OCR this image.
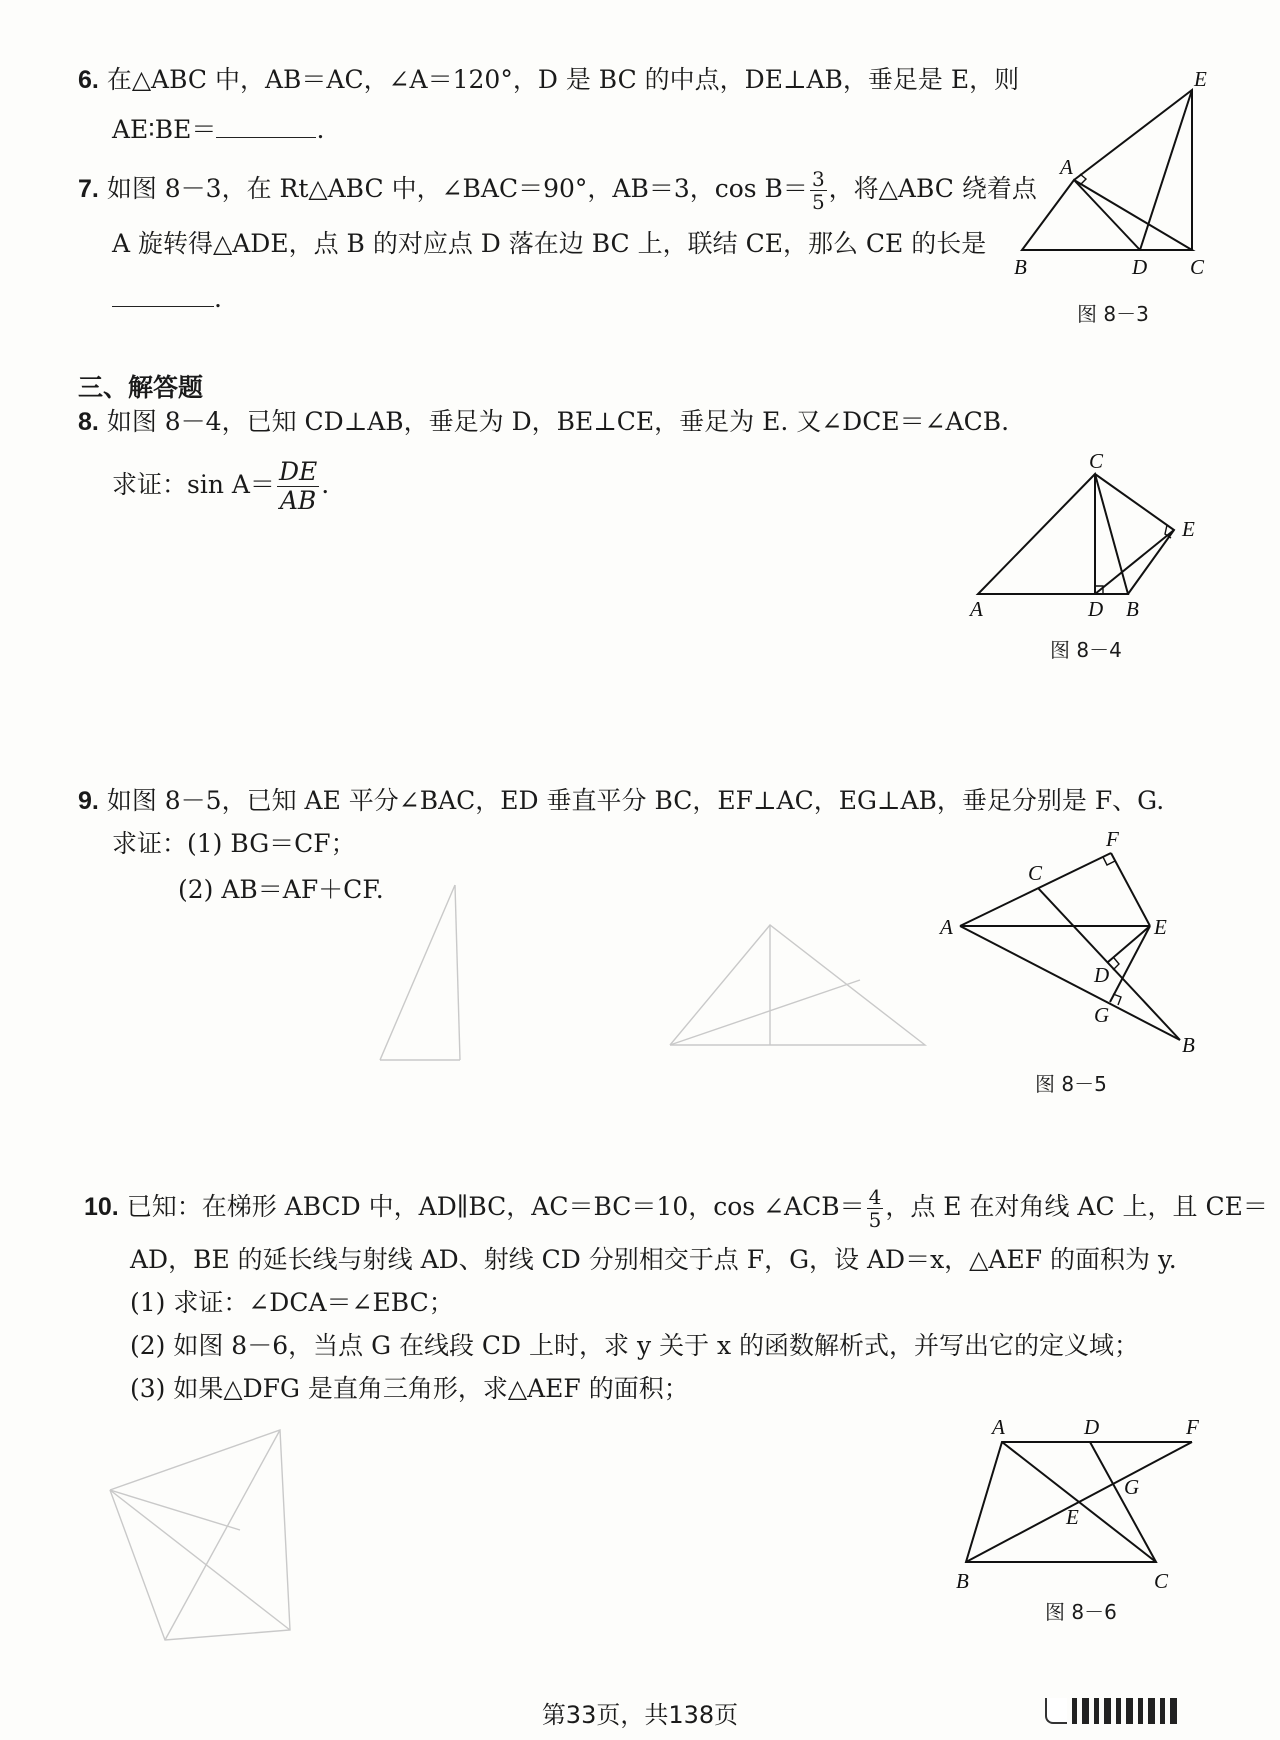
6. 在△ABC 中，AB＝AC，∠A＝120°，D 是 BC 的中点，DE⊥AB，垂足是 E，则
AE∶BE＝	.
7. 如图 8－3，在 Rt△ABC 中，∠BAC＝90°，AB＝3，$\cos B= \frac{3}{5}$ ，将△ABC 绕着点
A 旋转得△ADE，点 B 的对应点 D 落在边 BC 上，联结 CE，那么 CE 的长是
.
E
A
B	D C
图 8－3
三、解答题
8. 如图 8－4，已知 CD⊥AB，垂足为 D，BE⊥CE，垂足为 E. 又∠DCE＝∠ACB.
求证：$\sin A= \frac{DE}{AB}$ .
C
E
A	D B
图 8－4
9. 如图 8－5，已知 AE 平分∠BAC，ED 垂直平分 BC，EF⊥AC，EG⊥AB，垂足分别是 F、G.
求证：(1) BG＝CF；
(2) AB＝AF＋CF.
F
C
A	E
D
G
B
图 8－5
10. 已知：在梯形 ABCD 中，AD∥BC，AC＝BC＝10，cos ∠ACB＝ $\frac{4}{5}$ ，点 E 在对角线 AC 上，且 CE＝
AD，BE 的延长线与射线 AD、射线 CD 分别相交于点 F，G，设 AD＝x，△AEF 的面积为 y.
(1) 求证：∠DCA＝∠EBC；
(2) 如图 8－6，当点 G 在线段 CD 上时，求 y 关于 x 的函数解析式，并写出它的定义域；
(3) 如果△DFG 是直角三角形，求△AEF 的面积；
A	D	F
G
E
B	C
图 8－6
第33页，共138页
